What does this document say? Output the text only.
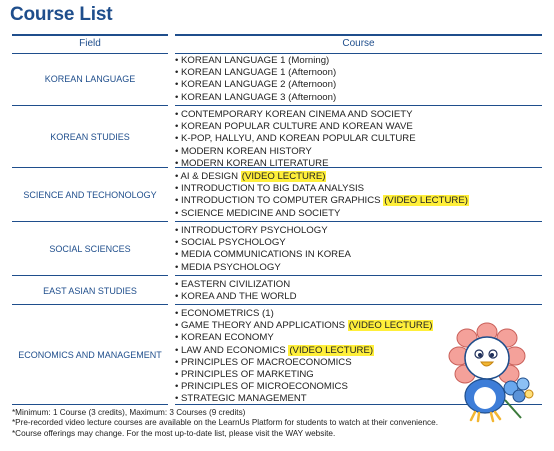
Course List
Field	Course
KOREAN LANGUAGE
• KOREAN LANGUAGE 1 (Morning)
• KOREAN LANGUAGE 1 (Afternoon)
• KOREAN LANGUAGE 2 (Afternoon)
• KOREAN LANGUAGE 3 (Afternoon)
KOREAN STUDIES
• CONTEMPORARY KOREAN CINEMA AND SOCIETY
• KOREAN POPULAR CULTURE AND KOREAN WAVE
• K-POP, HALLYU, AND KOREAN POPULAR CULTURE
• MODERN KOREAN HISTORY
• MODERN KOREAN LITERATURE
SCIENCE AND TECHONOLOGY
• AI & DESIGN (VIDEO LECTURE)
• INTRODUCTION TO BIG DATA ANALYSIS
• INTRODUCTION TO COMPUTER GRAPHICS (VIDEO LECTURE)
• SCIENCE MEDICINE AND SOCIETY
SOCIAL SCIENCES
• INTRODUCTORY PSYCHOLOGY
• SOCIAL PSYCHOLOGY
• MEDIA COMMUNICATIONS IN KOREA
• MEDIA PSYCHOLOGY
EAST ASIAN STUDIES
• EASTERN CIVILIZATION
• KOREA AND THE WORLD
ECONOMICS AND MANAGEMENT
• ECONOMETRICS (1)
• GAME THEORY AND APPLICATIONS (VIDEO LECTURE)
• KOREAN ECONOMY
• LAW AND ECONOMICS (VIDEO LECTURE)
• PRINCIPLES OF MACROECONOMICS
• PRINCIPLES OF MARKETING
• PRINCIPLES OF MICROECONOMICS
• STRATEGIC MANAGEMENT
*Minimum: 1 Course (3 credits), Maximum: 3 Courses (9 credits)
*Pre-recorded video lecture courses are available on the LearnUs Platform for students to watch at their convenience.
*Course offerings may change. For the most up-to-date list, please visit the WAY website.
